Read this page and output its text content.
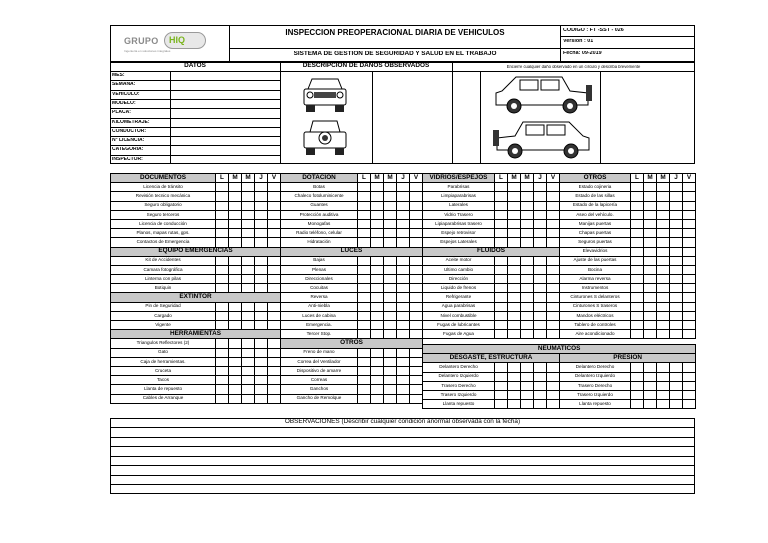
GRUPO HIQ
Ingeniería en soluciones integrales
INSPECCIÓN PREOPERACIONAL DIARIA DE VEHÍCULOS
SISTEMA DE GESTIÓN DE SEGURIDAD Y SALUD EN EL TRABAJO
CÓDIGO : FT -SST - 026
Versión : 01
Fecha: 09-2019
DATOS	DESCRIPCION DE DANOS OBSERVADOS	Encierre cualquier daño observado en un círculo y describa brevemente
MES:
SEMANA:
VEHICULO:
MODELO:
PLACA:
KILOMETRAJE:
CONDUCTOR:
N° LICENCIA:
CATEGORIA:
INSPECTOR:
DOCUMENTOS	L	M	M	J	V
Licencia de tránsito					
Revisión tecnico mecánica					
Seguro obligatorio					
Seguro terceros					
Licencia de conducción					
Planos, mapas rutas, gps.					
Contactos de Emergencia					
EQUIPO EMERGENCIAS					
Kit de Accidentes					
Camara fotográfica					
Linterna con pilas					
Botiquin					
EXTINTOR					
Pin de Seguridad					
Cargado					
Vigente					
HERRAMIENTAS					
Triangulos Reflectores (2)					
Gato					
Caja de herramientas.					
Cruceta					
Tacos					
Llanta de repuesto					
Cables de Arranque					
DOTACION	L	M	M	J	V
Botas					
Chaleco fotoluminicente					
Guantes					
Protección auditiva					
Monogafas					
Radio teléfono, celular					
Hidratación					
LUCES					
Bajas					
Plenas					
Direccionales					
Cocuitas					
Reversa					
Anti-niebla					
Luces de cabina					
Emergencia.					
Tercer Stop.					
OTROS					
Freno de mano					
Correa del Ventilador					
Dispositivo de amarre					
Correas					
Ganchos					
Gancho de Remolque					
VIDRIOS/ESPEJOS	L	M	M	J	V
Parabrisas					
Limpiaparabrisas					
Laterales					
Vidrio Trasero					
Lipiaparabrisas trasero					
Espejo retrovisor					
Espejos Laterales					
FLUIDOS					
Aceite motor					
Ultimo cambio					
Dirección					
Liquido de frenos					
Refrigerante					
Agua parabrisas					
Nivel combustible					
Fugas de lubricantes					
Fugas de Agua					
OTROS	L	M	M	J	V
Estado cojineria					
Estado de las sillas					
Estado de la lapicería					
Aseo del vehículo.					
Manijas puertas					
Chapas puertas					
Seguros puertas					
Elevavidrios					
Ajuste de las puertas					
Bocina					
Alarma reversa					
Instrumentos					
Cinturones S delanteros					
Cinturones S traseros					
Mandos eléctricos					
Tablero de controles					
Aire acondicionado					
NEUMATICOS											
DESGASTE, ESTRUCTURA						PRESION					
Delantero Derecho						Delantero Derecho					
Delantero Izquierdo						Delantero Izquierdo					
Trasero Derecho						Trasero Derecho					
Trasero Izquierdo						Trasero Izquierdo					
Llanta repuesto						Llanta repuesto					
OBSERVACIONES (Describir cualquier condición anormal observada con la fecha)
